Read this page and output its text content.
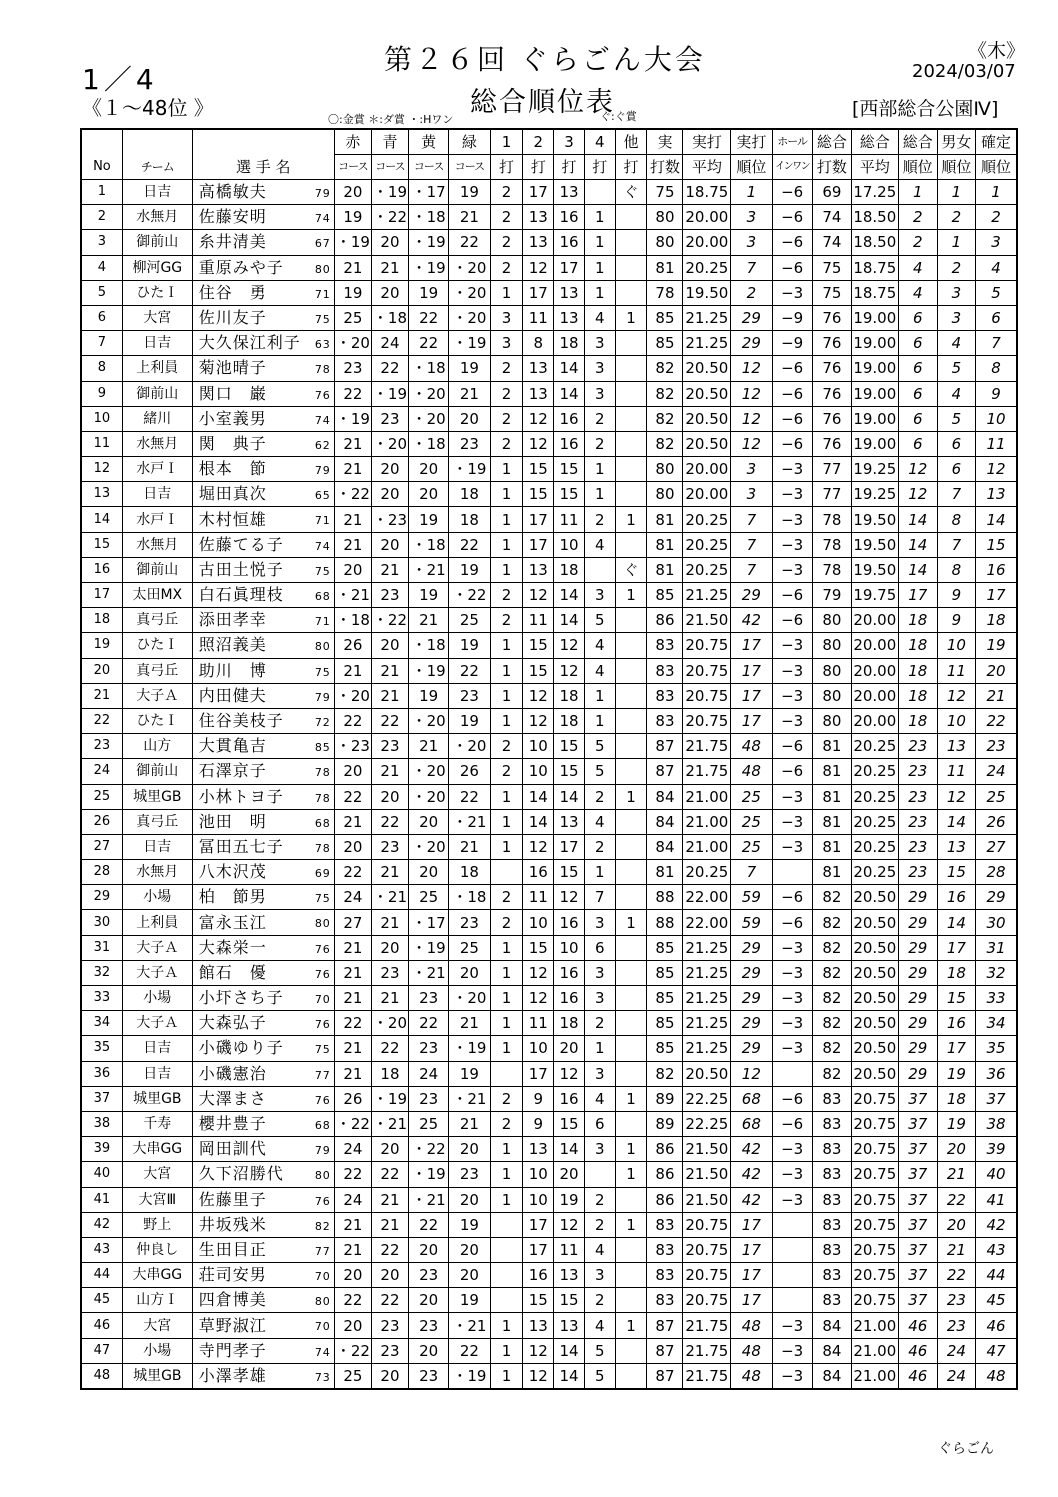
1／4
《１～48位 》
第２６回 ぐらごん大会
総合順位表
〇:金賞 ＊:ダ賞 ・:Hワン	ぐ:ぐ賞
《木》
2024/03/07
[西部総合公園Ⅳ]
No	チーム	選 手 名	赤	青	黄	緑	1	2	3	4	他	実	実打	実打	ホール	総合	総合	総合	男女	確定
			コース	コース	コース	コース	打	打	打	打	打	打数	平均	順位	インワン	打数	平均	順位	順位	順位
1	日吉	高橋敏夫 79	20	・19	・17	19	2	17	13		ぐ	75	18.75	1	−6	69	17.25	1	1	1
2	水無月	佐藤安明 74	19	・22	・18	21	2	13	16	1		80	20.00	3	−6	74	18.50	2	2	2
3	御前山	糸井清美 67	・19	20	・19	22	2	13	16	1		80	20.00	3	−6	74	18.50	2	1	3
4	柳河GG	重原みや子 80	21	21	・19	・20	2	12	17	1		81	20.25	7	−6	75	18.75	4	2	4
5	ひたＩ	住谷　勇 71	19	20	19	・20	1	17	13	1		78	19.50	2	−3	75	18.75	4	3	5
6	大宮	佐川友子 75	25	・18	22	・20	3	11	13	4	1	85	21.25	29	−9	76	19.00	6	3	6
7	日吉	大久保江利子 63	・20	24	22	・19	3	8	18	3		85	21.25	29	−9	76	19.00	6	4	7
8	上利員	菊池晴子 78	23	22	・18	19	2	13	14	3		82	20.50	12	−6	76	19.00	6	5	8
9	御前山	関口　巌 76	22	・19	・20	21	2	13	14	3		82	20.50	12	−6	76	19.00	6	4	9
10	緒川	小室義男 74	・19	23	・20	20	2	12	16	2		82	20.50	12	−6	76	19.00	6	5	10
11	水無月	関　典子 62	21	・20	・18	23	2	12	16	2		82	20.50	12	−6	76	19.00	6	6	11
12	水戸Ｉ	根本　節 79	21	20	20	・19	1	15	15	1		80	20.00	3	−3	77	19.25	12	6	12
13	日吉	堀田真次 65	・22	20	20	18	1	15	15	1		80	20.00	3	−3	77	19.25	12	7	13
14	水戸Ｉ	木村恒雄 71	21	・23	19	18	1	17	11	2	1	81	20.25	7	−3	78	19.50	14	8	14
15	水無月	佐藤てる子 74	21	20	・18	22	1	17	10	4		81	20.25	7	−3	78	19.50	14	7	15
16	御前山	古田土悦子 75	20	21	・21	19	1	13	18		ぐ	81	20.25	7	−3	78	19.50	14	8	16
17	太田MX	白石眞理枝 68	・21	23	19	・22	2	12	14	3	1	85	21.25	29	−6	79	19.75	17	9	17
18	真弓丘	添田孝幸 71	・18	・22	21	25	2	11	14	5		86	21.50	42	−6	80	20.00	18	9	18
19	ひたＩ	照沼義美 80	26	20	・18	19	1	15	12	4		83	20.75	17	−3	80	20.00	18	10	19
20	真弓丘	助川　博 75	21	21	・19	22	1	15	12	4		83	20.75	17	−3	80	20.00	18	11	20
21	大子Ａ	内田健夫 79	・20	21	19	23	1	12	18	1		83	20.75	17	−3	80	20.00	18	12	21
22	ひたＩ	住谷美枝子 72	22	22	・20	19	1	12	18	1		83	20.75	17	−3	80	20.00	18	10	22
23	山方	大貫亀吉 85	・23	23	21	・20	2	10	15	5		87	21.75	48	−6	81	20.25	23	13	23
24	御前山	石澤京子 78	20	21	・20	26	2	10	15	5		87	21.75	48	−6	81	20.25	23	11	24
25	城里GB	小林トヨ子 78	22	20	・20	22	1	14	14	2	1	84	21.00	25	−3	81	20.25	23	12	25
26	真弓丘	池田　明 68	21	22	20	・21	1	14	13	4		84	21.00	25	−3	81	20.25	23	14	26
27	日吉	冨田五七子 78	20	23	・20	21	1	12	17	2		84	21.00	25	−3	81	20.25	23	13	27
28	水無月	八木沢茂 69	22	21	20	18		16	15	1		81	20.25	7		81	20.25	23	15	28
29	小場	柏　節男 75	24	・21	25	・18	2	11	12	7		88	22.00	59	−6	82	20.50	29	16	29
30	上利員	富永玉江 80	27	21	・17	23	2	10	16	3	1	88	22.00	59	−6	82	20.50	29	14	30
31	大子Ａ	大森栄一 76	21	20	・19	25	1	15	10	6		85	21.25	29	−3	82	20.50	29	17	31
32	大子Ａ	館石　優 76	21	23	・21	20	1	12	16	3		85	21.25	29	−3	82	20.50	29	18	32
33	小場	小圷さち子 70	21	21	23	・20	1	12	16	3		85	21.25	29	−3	82	20.50	29	15	33
34	大子Ａ	大森弘子 76	22	・20	22	21	1	11	18	2		85	21.25	29	−3	82	20.50	29	16	34
35	日吉	小磯ゆり子 75	21	22	23	・19	1	10	20	1		85	21.25	29	−3	82	20.50	29	17	35
36	日吉	小磯憲治 77	21	18	24	19		17	12	3		82	20.50	12		82	20.50	29	19	36
37	城里GB	大澤まさ 76	26	・19	23	・21	2	9	16	4	1	89	22.25	68	−6	83	20.75	37	18	37
38	千寿	櫻井豊子 68	・22	・21	25	21	2	9	15	6		89	22.25	68	−6	83	20.75	37	19	38
39	大串GG	岡田訓代 79	24	20	・22	20	1	13	14	3	1	86	21.50	42	−3	83	20.75	37	20	39
40	大宮	久下沼勝代 80	22	22	・19	23	1	10	20		1	86	21.50	42	−3	83	20.75	37	21	40
41	大宮Ⅲ	佐藤里子 76	24	21	・21	20	1	10	19	2		86	21.50	42	−3	83	20.75	37	22	41
42	野上	井坂残米 82	21	21	22	19		17	12	2	1	83	20.75	17		83	20.75	37	20	42
43	仲良し	生田目正 77	21	22	20	20		17	11	4		83	20.75	17		83	20.75	37	21	43
44	大串GG	荘司安男 70	20	20	23	20		16	13	3		83	20.75	17		83	20.75	37	22	44
45	山方Ｉ	四倉博美 80	22	22	20	19		15	15	2		83	20.75	17		83	20.75	37	23	45
46	大宮	草野淑江 70	20	23	23	・21	1	13	13	4	1	87	21.75	48	−3	84	21.00	46	23	46
47	小場	寺門孝子 74	・22	23	20	22	1	12	14	5		87	21.75	48	−3	84	21.00	46	24	47
48	城里GB	小澤孝雄 73	25	20	23	・19	1	12	14	5		87	21.75	48	−3	84	21.00	46	24	48
ぐらごん
